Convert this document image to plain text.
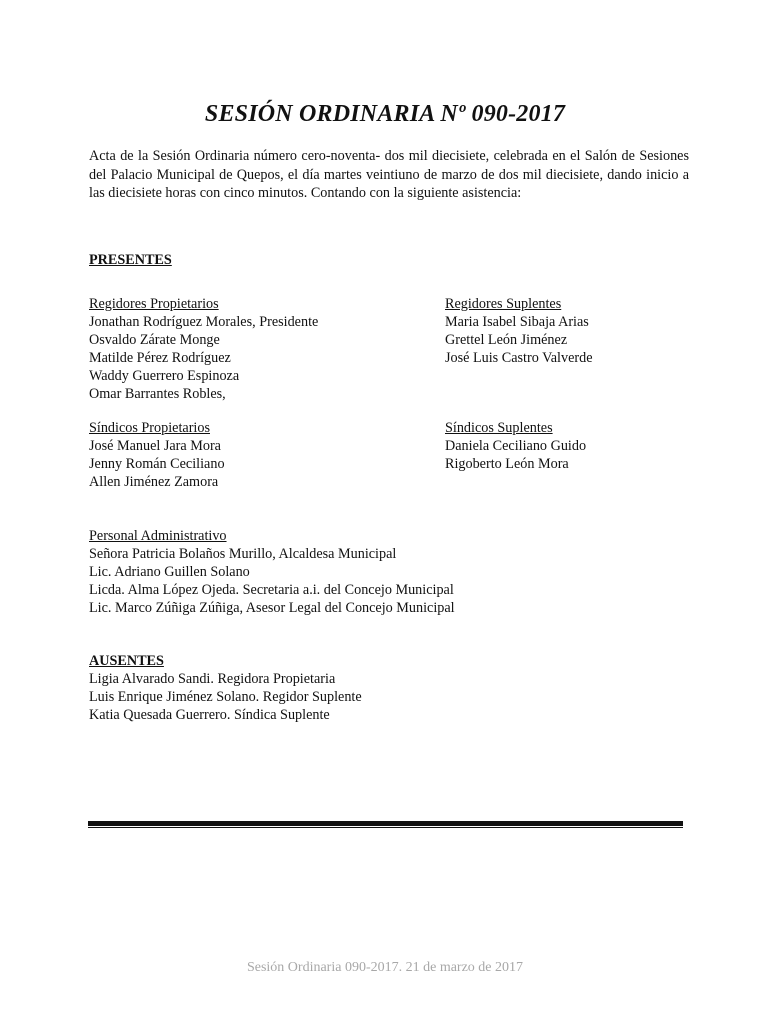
SESIÓN ORDINARIA Nº 090-2017

Acta de la Sesión Ordinaria número cero-noventa- dos mil diecisiete, celebrada en el Salón de Sesiones del Palacio Municipal de Quepos, el día martes veintiuno de marzo de dos mil diecisiete, dando inicio a las diecisiete horas con cinco minutos. Contando con la siguiente asistencia:

PRESENTES
Regidores Propietarios
Jonathan Rodríguez Morales, Presidente
Osvaldo Zárate Monge
Matilde Pérez Rodríguez
Waddy Guerrero Espinoza
Omar Barrantes Robles,
Regidores Suplentes
Maria Isabel Sibaja Arias
Grettel León Jiménez
José Luis Castro Valverde
Síndicos Propietarios
José Manuel Jara Mora
Jenny Román Ceciliano
Allen Jiménez Zamora
Síndicos Suplentes
Daniela Ceciliano Guido
Rigoberto León Mora
Personal Administrativo
Señora Patricia Bolaños Murillo, Alcaldesa Municipal
Lic. Adriano Guillen Solano
Licda. Alma López Ojeda. Secretaria a.i. del Concejo Municipal
Lic. Marco Zúñiga Zúñiga, Asesor Legal del Concejo Municipal
AUSENTES
Ligia Alvarado Sandi. Regidora Propietaria
Luis Enrique Jiménez Solano. Regidor Suplente
Katia Quesada Guerrero. Síndica Suplente
Sesión Ordinaria 090-2017. 21 de marzo de 2017
